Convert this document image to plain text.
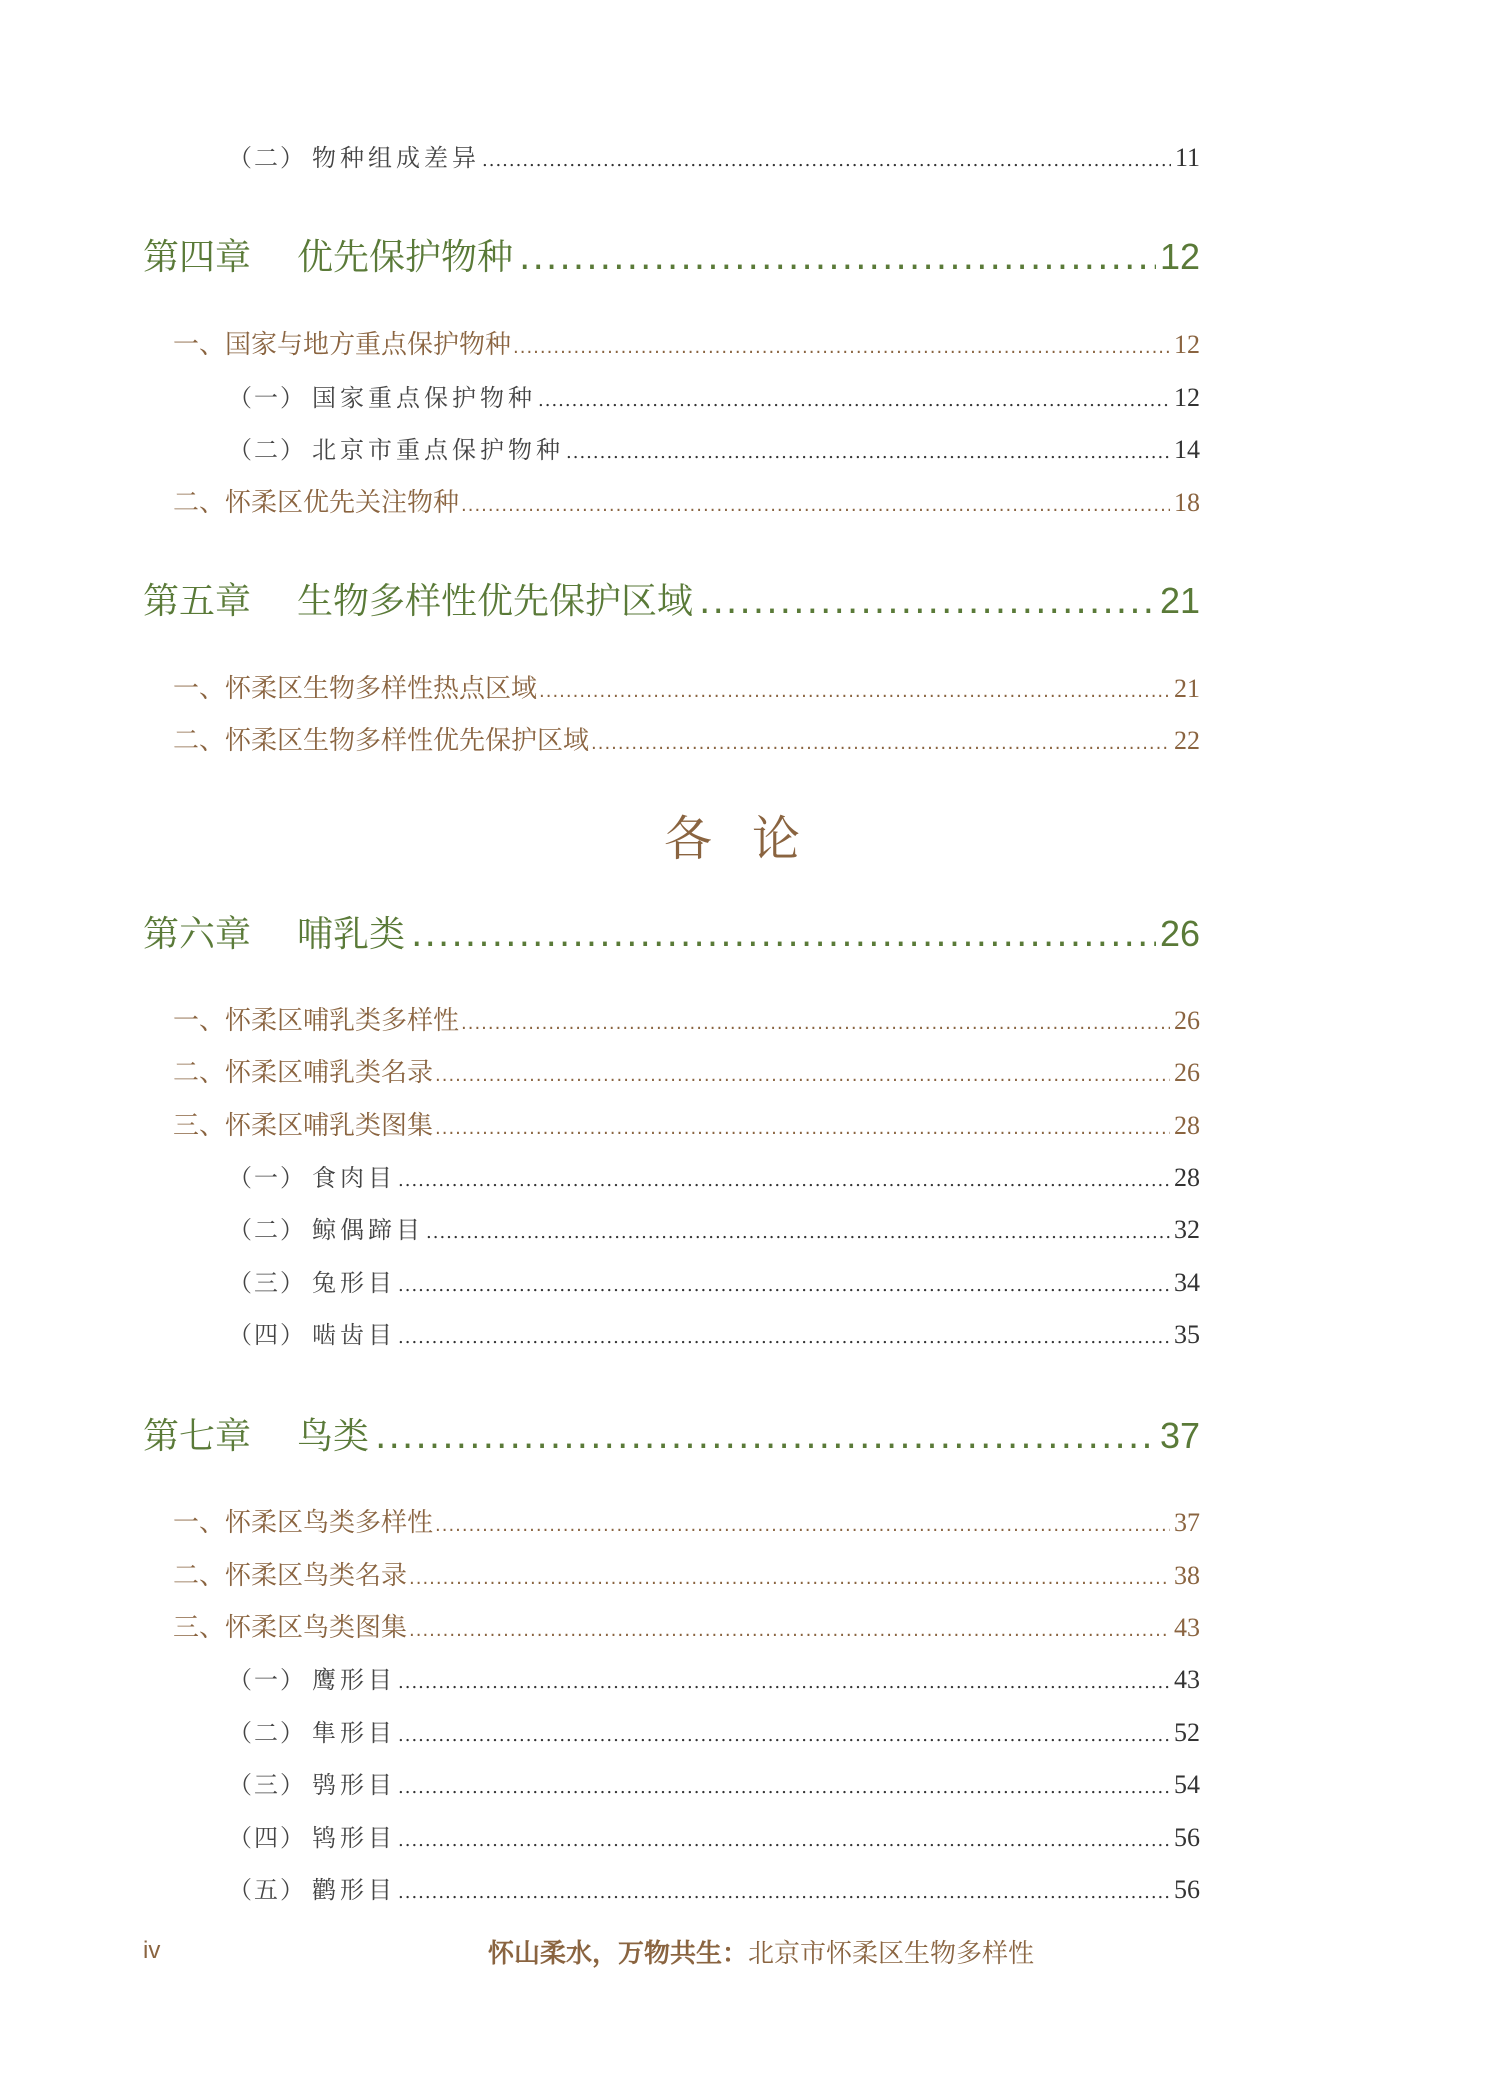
（二） 物种组成差异 .....	11
第四章 优先保护物种 .....	12
一、国家与地方重点保护物种 .....	12
（一） 国家重点保护物种 .....	12
（二） 北京市重点保护物种 .....	14
二、怀柔区优先关注物种 .....	18
第五章 生物多样性优先保护区域 .....	21
一、怀柔区生物多样性热点区域 .....	21
二、怀柔区生物多样性优先保护区域 .....	22
各论
第六章 哺乳类 .....	26
一、怀柔区哺乳类多样性 .....	26
二、怀柔区哺乳类名录 .....	26
三、怀柔区哺乳类图集 .....	28
（一） 食肉目 .....	28
（二） 鲸偶蹄目 .....	32
（三） 兔形目 .....	34
（四） 啮齿目 .....	35
第七章 鸟类 .....	37
一、怀柔区鸟类多样性 .....	37
二、怀柔区鸟类名录 .....	38
三、怀柔区鸟类图集 .....	43
（一） 鹰形目 .....	43
（二） 隼形目 .....	52
（三） 鸮形目 .....	54
（四） 鸨形目 .....	56
（五） 鹳形目 .....	56
iv	怀山柔水，万物共生：北京市怀柔区生物多样性
